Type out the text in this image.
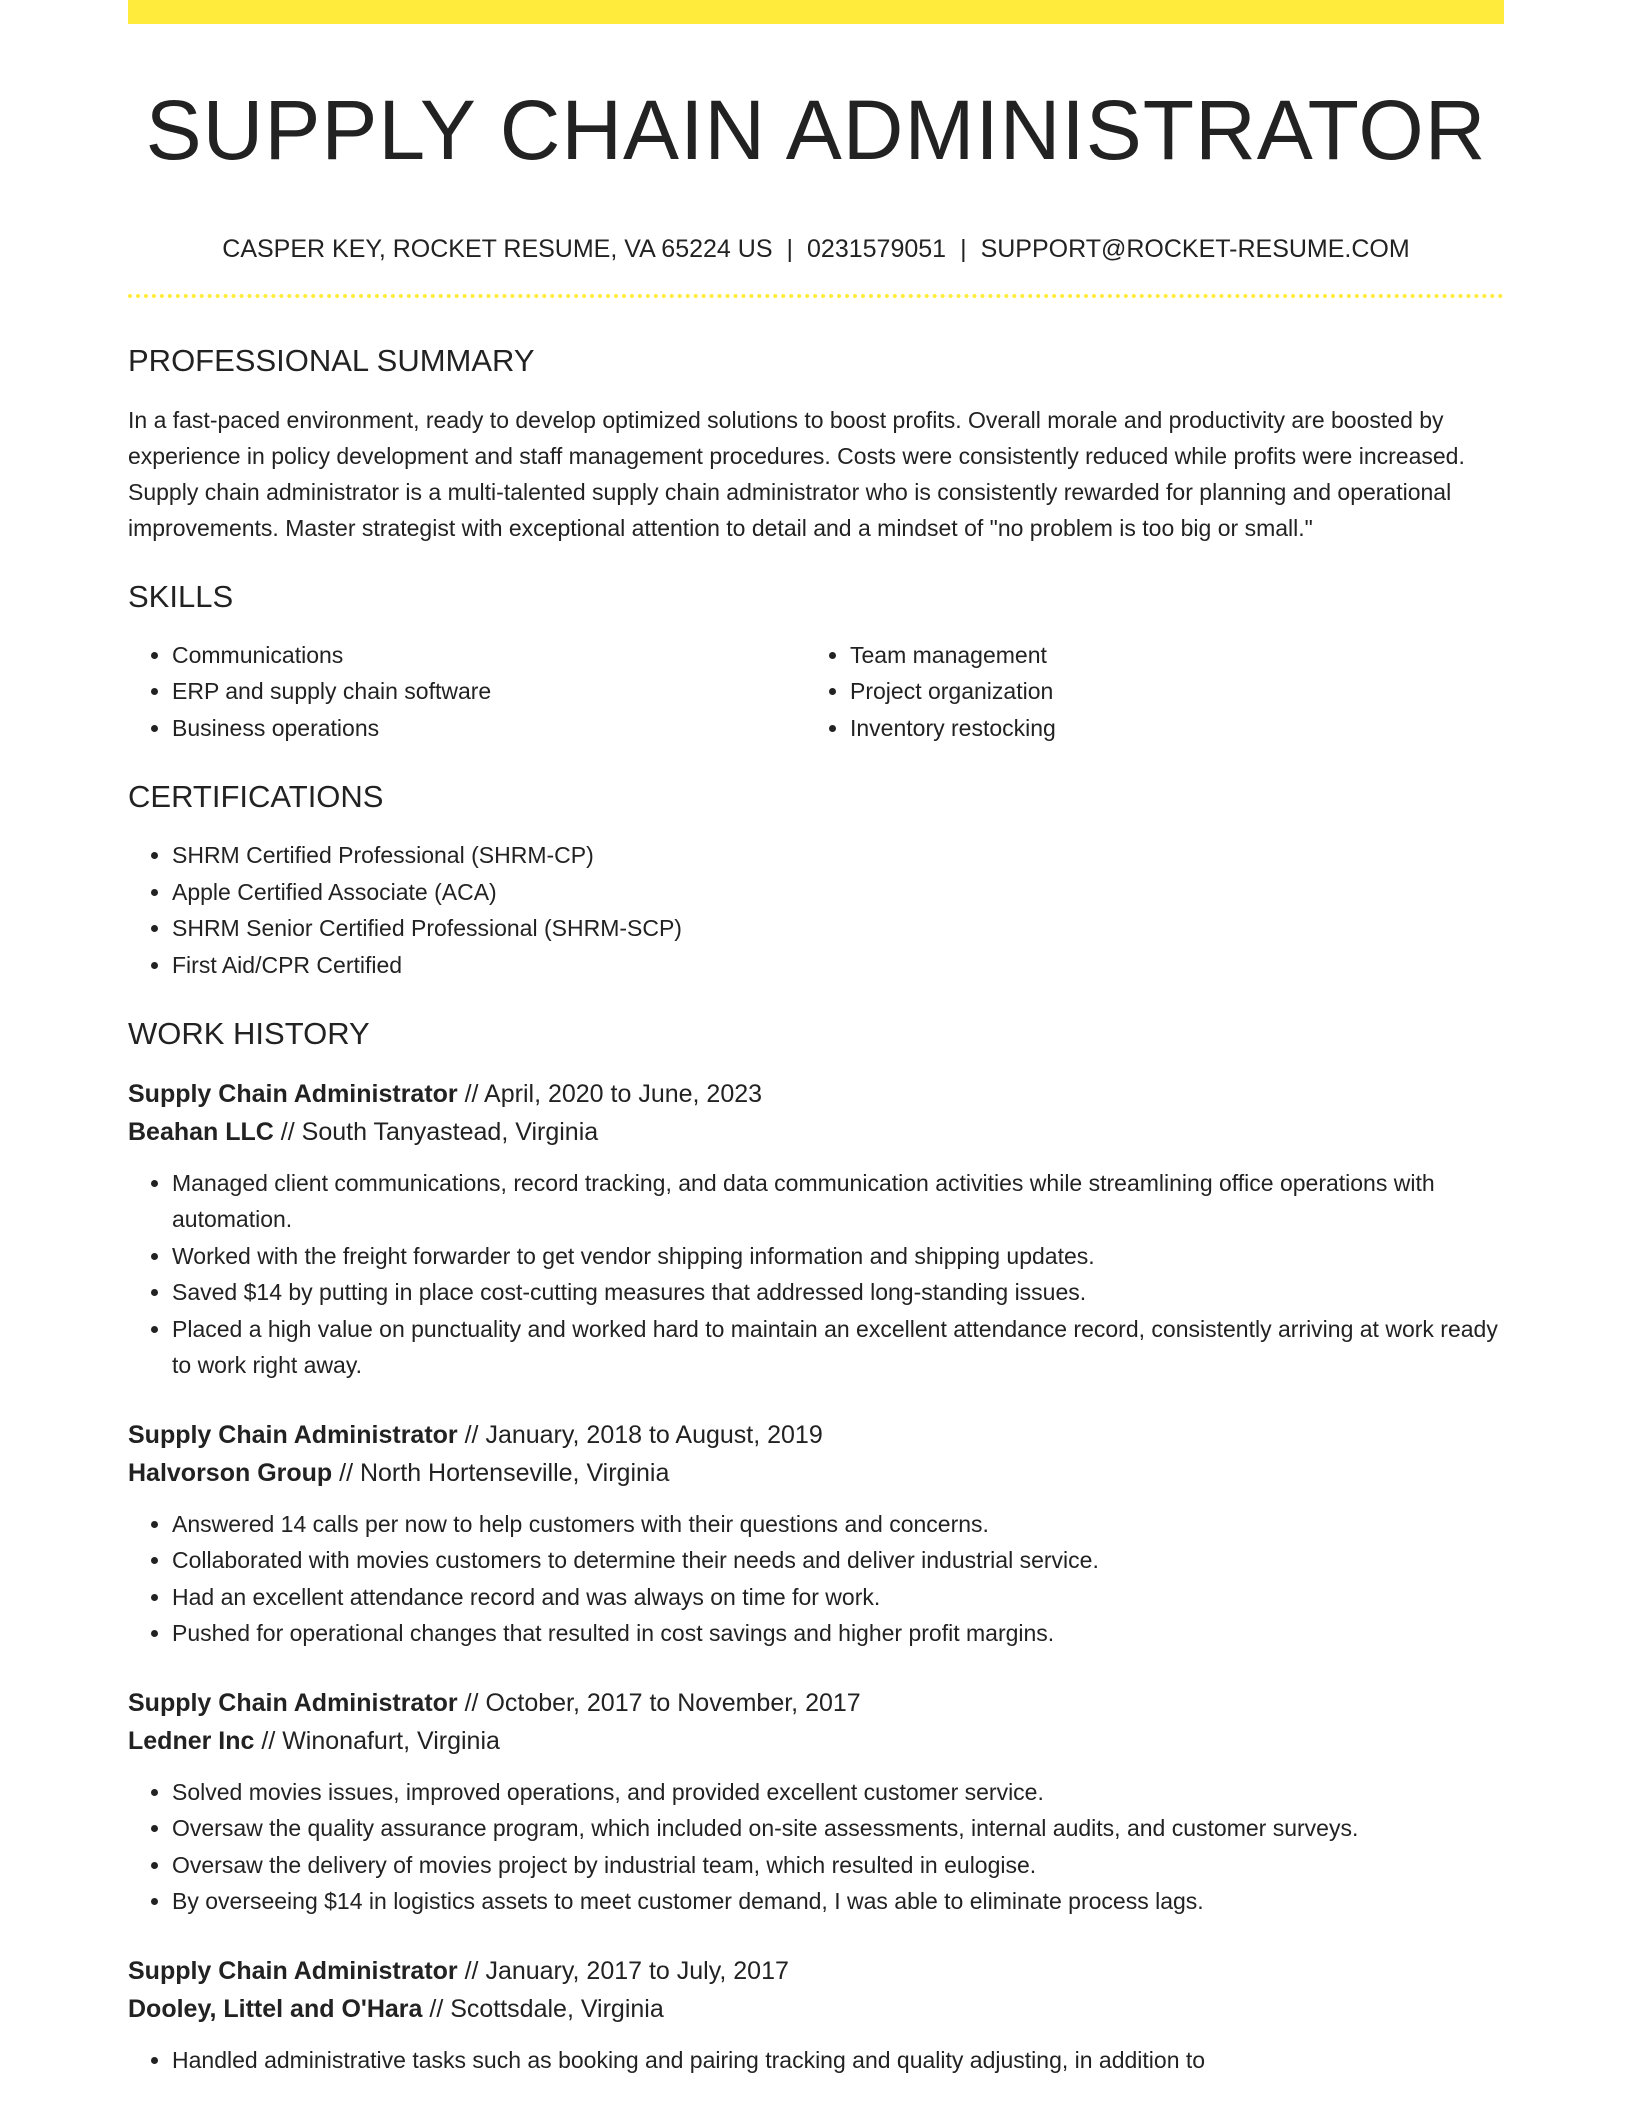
SUPPLY CHAIN ADMINISTRATOR
CASPER KEY, ROCKET RESUME, VA 65224 US | 0231579051 | SUPPORT@ROCKET-RESUME.COM
PROFESSIONAL SUMMARY
In a fast-paced environment, ready to develop optimized solutions to boost profits. Overall morale and productivity are boosted by experience in policy development and staff management procedures. Costs were consistently reduced while profits were increased. Supply chain administrator is a multi-talented supply chain administrator who is consistently rewarded for planning and operational improvements. Master strategist with exceptional attention to detail and a mindset of "no problem is too big or small."
SKILLS
• Communications
• ERP and supply chain software
• Business operations
• Team management
• Project organization
• Inventory restocking
CERTIFICATIONS
• SHRM Certified Professional (SHRM-CP)
• Apple Certified Associate (ACA)
• SHRM Senior Certified Professional (SHRM-SCP)
• First Aid/CPR Certified
WORK HISTORY
Supply Chain Administrator // April, 2020 to June, 2023
Beahan LLC // South Tanyastead, Virginia
• Managed client communications, record tracking, and data communication activities while streamlining office operations with automation.
• Worked with the freight forwarder to get vendor shipping information and shipping updates.
• Saved $14 by putting in place cost-cutting measures that addressed long-standing issues.
• Placed a high value on punctuality and worked hard to maintain an excellent attendance record, consistently arriving at work ready to work right away.
Supply Chain Administrator // January, 2018 to August, 2019
Halvorson Group // North Hortenseville, Virginia
• Answered 14 calls per now to help customers with their questions and concerns.
• Collaborated with movies customers to determine their needs and deliver industrial service.
• Had an excellent attendance record and was always on time for work.
• Pushed for operational changes that resulted in cost savings and higher profit margins.
Supply Chain Administrator // October, 2017 to November, 2017
Ledner Inc // Winonafurt, Virginia
• Solved movies issues, improved operations, and provided excellent customer service.
• Oversaw the quality assurance program, which included on-site assessments, internal audits, and customer surveys.
• Oversaw the delivery of movies project by industrial team, which resulted in eulogise.
• By overseeing $14 in logistics assets to meet customer demand, I was able to eliminate process lags.
Supply Chain Administrator // January, 2017 to July, 2017
Dooley, Littel and O'Hara // Scottsdale, Virginia
• Handled administrative tasks such as booking and pairing tracking and quality adjusting, in addition to
